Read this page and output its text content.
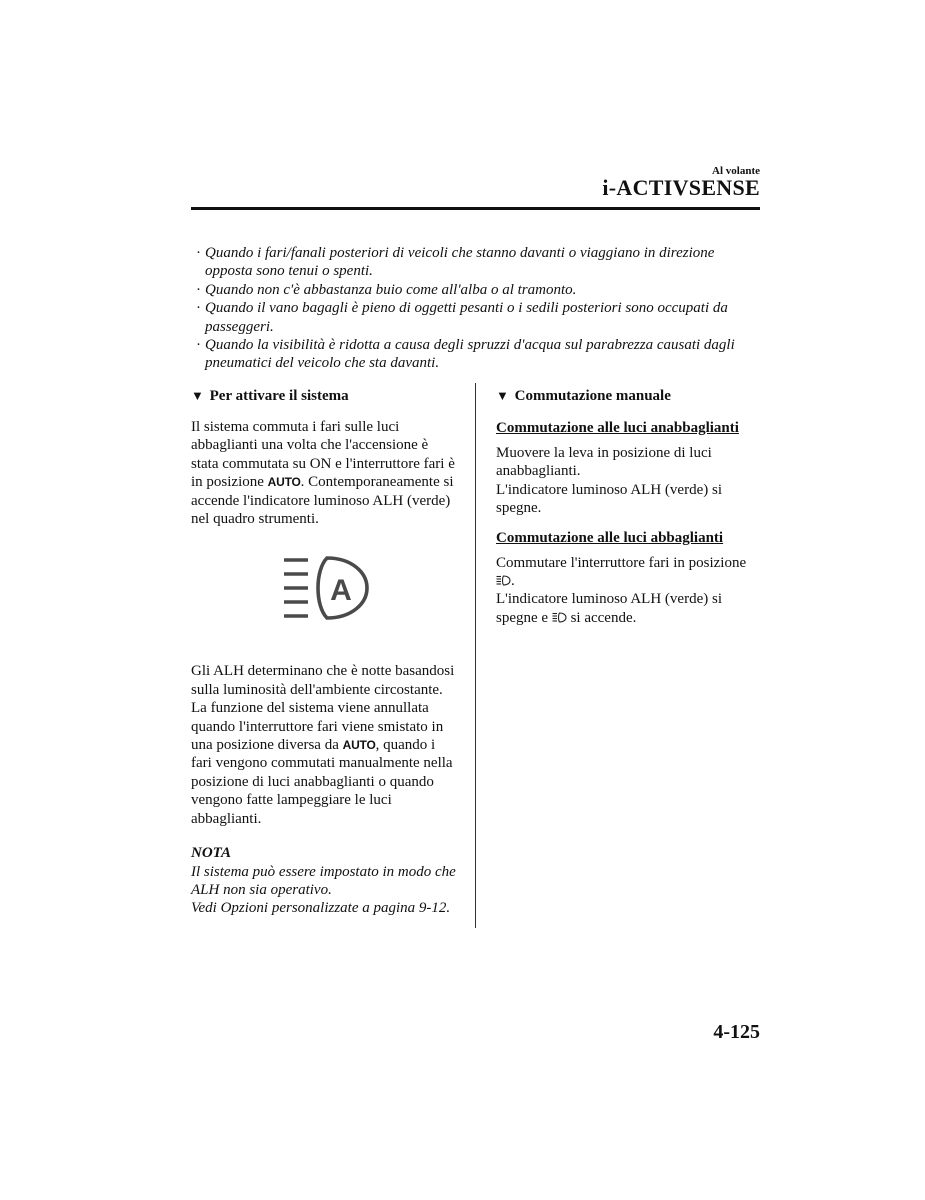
Al volante
i-ACTIVSENSE
· Quando i fari/fanali posteriori di veicoli che stanno davanti o viaggiano in direzione opposta sono tenui o spenti.
· Quando non c'è abbastanza buio come all'alba o al tramonto.
· Quando il vano bagagli è pieno di oggetti pesanti o i sedili posteriori sono occupati da passeggeri.
· Quando la visibilità è ridotta a causa degli spruzzi d'acqua sul parabrezza causati dagli pneumatici del veicolo che sta davanti.
▼ Per attivare il sistema

Il sistema commuta i fari sulle luci abbaglianti una volta che l'accensione è stata commutata su ON e l'interruttore fari è in posizione AUTO. Contemporaneamente si accende l'indicatore luminoso ALH (verde) nel quadro strumenti.

A

Gli ALH determinano che è notte basandosi sulla luminosità dell'ambiente circostante.

La funzione del sistema viene annullata quando l'interruttore fari viene smistato in una posizione diversa da AUTO, quando i fari vengono commutati manualmente nella posizione di luci anabbaglianti o quando vengono fatte lampeggiare le luci abbaglianti.

NOTA

Il sistema può essere impostato in modo che ALH non sia operativo.

Vedi Opzioni personalizzate a pagina 9-12.

▼ Commutazione manuale
Commutazione alle luci anabbaglianti

Muovere la leva in posizione di luci anabbaglianti.

L'indicatore luminoso ALH (verde) si spegne.

Commutazione alle luci abbaglianti

Commutare l'interruttore fari in posizione
.

L'indicatore luminoso ALH (verde) si spegne e  si accende.

4-125
